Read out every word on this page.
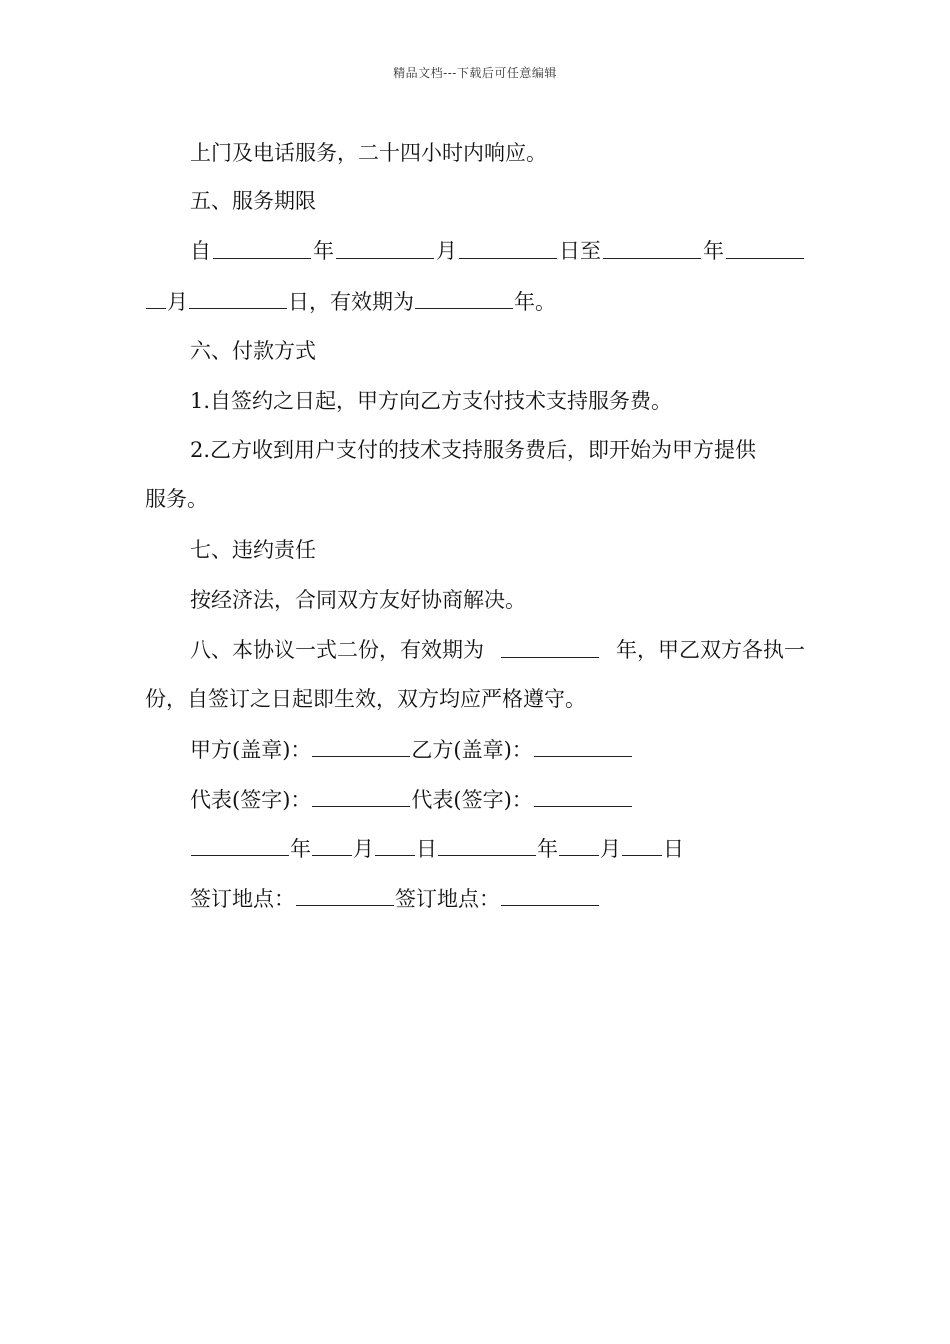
精品文档---下载后可任意编辑
上门及电话服务，二十四小时内响应。
五、服务期限
自	年	月	日至	年
月	日，有效期为	年。
六、付款方式
1.自签约之日起，甲方向乙方支付技术支持服务费。
2.乙方收到用户支付的技术支持服务费后，即开始为甲方提供
服务。
七、违约责任
按经济法，合同双方友好协商解决。
八、本协议一式二份，有效期为	年，甲乙双方各执一
份，自签订之日起即生效，双方均应严格遵守。
甲方(盖章)：	乙方(盖章)：
代表(签字)：	代表(签字)：
年 月 日	年 月 日
签订地点：	签订地点：
